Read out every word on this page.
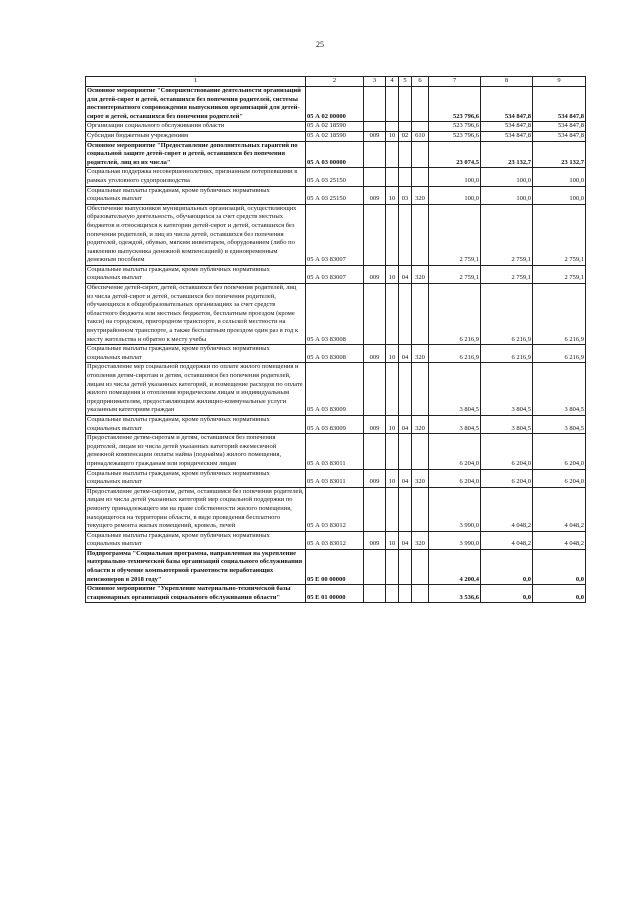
25
1	2	3	4	5	6	7	8	9
Основное мероприятие "Совершенствование деятельности организаций для детей-сирот и детей, оставшихся без попечения родителей, системы постинтернатного сопровождения выпускников организаций для детей-сирот и детей, оставшихся без попечения родителей"	05 А 02 00000					523 796,6	534 847,8	534 847,8
Организации социального обслуживания области	05 А 02 18590					523 796,6	534 847,8	534 847,8
Субсидии бюджетным учреждениям	05 А 02 18590	009	10	02	610	523 796,6	534 847,8	534 847,8
Основное мероприятие "Предоставление дополнительных гарантий по социальной защите детей-сирот и детей, оставшихся без попечения родителей, лиц из их числа"	05 А 03 00000					23 074,5	23 132,7	23 132,7
Социальная поддержка несовершеннолетних, признанным потерпевшими в рамках уголовного судопроизводства	05 А 03 25150					100,0	100,0	100,0
Социальные выплаты гражданам, кроме публичных нормативных социальных выплат	05 А 03 25150	009	10	03	320	100,0	100,0	100,0
Обеспечение выпускников муниципальных организаций, осуществляющих образовательную деятельность, обучающихся за счет средств местных бюджетов и относящихся к категории детей-сирот и детей, оставшихся без попечения родителей, и лиц из числа детей, оставшихся без попечения родителей, одеждой, обувью, мягким инвентарем, оборудованием (либо по заявлению выпускника денежной компенсацией) и единовременным денежным пособием	05 А 03 83007					2 759,1	2 759,1	2 759,1
Социальные выплаты гражданам, кроме публичных нормативных социальных выплат	05 А 03 83007	009	10	04	320	2 759,1	2 759,1	2 759,1
Обеспечение детей-сирот, детей, оставшихся без попечения родителей, лиц из числа детей-сирот и детей, оставшихся без попечения родителей, обучающихся в общеобразовательных организациях за счет средств областного бюджета или местных бюджетов, бесплатным проездом (кроме такси) на городском, пригородном транспорте, в сельской местности на внутрирайонном транспорте, а также бесплатным проездом один раз в год к месту жительства и обратно к месту учебы	05 А 03 83008					6 216,9	6 216,9	6 216,9
Социальные выплаты гражданам, кроме публичных нормативных социальных выплат	05 А 03 83008	009	10	04	320	6 216,9	6 216,9	6 216,9
Предоставление мер социальной поддержки по оплате жилого помещения и отопления детям-сиротам и детям, оставшимся без попечения родителей, лицам из числа детей указанных категорий, и возмещение расходов по оплате жилого помещения и отопления юридическим лицам и индивидуальным предпринимателям, предоставляющим жилищно-коммунальные услуги указанным категориям граждан	05 А 03 83009					3 804,5	3 804,5	3 804,5
Социальные выплаты гражданам, кроме публичных нормативных социальных выплат	05 А 03 83009	009	10	04	320	3 804,5	3 804,5	3 804,5
Предоставление детям-сиротам и детям, оставшимся без попечения родителей, лицам из числа детей указанных категорий ежемесячной денежной компенсации оплаты найма (поднайма) жилого помещения, принадлежащего гражданам или юридическим лицам	05 А 03 83011					6 204,0	6 204,0	6 204,0
Социальные выплаты гражданам, кроме публичных нормативных социальных выплат	05 А 03 83011	009	10	04	320	6 204,0	6 204,0	6 204,0
Предоставление детям-сиротам, детям, оставшимся без попечения родителей, лицам из числа детей указанных категорий мер социальной поддержки по ремонту принадлежащего им на праве собственности жилого помещения, находящегося на территории области, в виде проведения бесплатного текущего ремонта жилых помещений, кровель, печей	05 А 03 83012					3 990,0	4 048,2	4 048,2
Социальные выплаты гражданам, кроме публичных нормативных социальных выплат	05 А 03 83012	009	10	04	320	3 990,0	4 048,2	4 048,2
Подпрограмма "Социальная программа, направленная на укрепление материально-технической базы организаций социального обслуживания области и обучение компьютерной грамотности неработающих пенсионеров в 2018 году"	05 Е 00 00000					4 200,4	0,0	0,0
Основное мероприятие "Укрепление материально-технической базы стационарных организаций социального обслуживания области"	05 Е 01 00000					3 536,6	0,0	0,0
